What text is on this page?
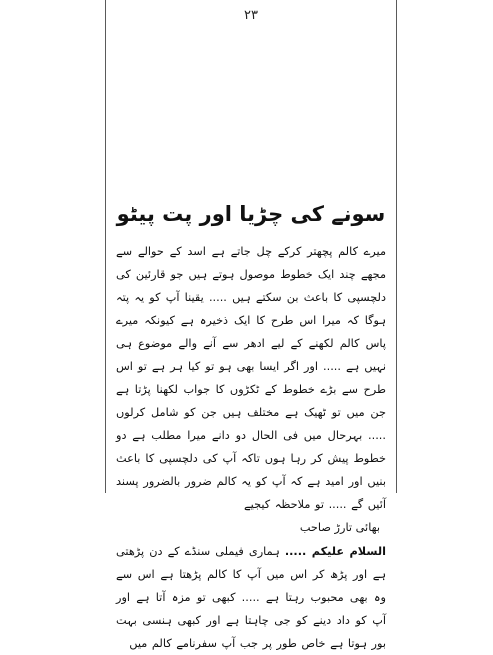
۲۳
سونے کی چڑیا اور پت پیٹو

میرے کالم پچھتر کرکے چل جاتے ہے اسد کے حوالے سے مجھے چند ایک خطوط موصول ہوتے ہیں جو قارئین کی دلچسپی کا باعث بن سکتے ہیں ..... یقینا آپ کو یہ پتہ ہوگا کہ میرا اس طرح کا ایک ذخیرہ ہے کیونکہ میرے پاس کالم لکھنے کے لیے ادھر سے آنے والے موضوع ہی نہیں ہے ..... اور اگر ایسا بھی ہو تو کیا ہر ہے تو اس طرح سے بڑے خطوط کے ٹکڑوں کا جواب لکھنا پڑتا ہے جن میں تو ٹھیک ہے مختلف ہیں جن کو شامل کرلوں ..... بہرحال میں فی الحال دو دانے میرا مطلب ہے دو خطوط پیش کر رہا ہوں تاکہ آپ کی دلچسپی کا باعث بنیں اور امید ہے کہ آپ کو یہ کالم ضرور بالضرور پسند آئیں گے ..... تو ملاحظہ کیجیے

بھائی تارڑ صاحب

السلام علیکم ..... ہماری فیملی سنڈے کے دن پڑھتی ہے اور پڑھ کر اس میں آپ کا کالم پڑھتا ہے اس سے وہ بھی محبوب رہتا ہے ..... کبھی تو مزہ آتا ہے اور آپ کو داد دینے کو جی چاہتا ہے اور کبھی ہنسی بہت بور ہوتا ہے خاص طور پر جب آپ سفرنامے کالم میں
